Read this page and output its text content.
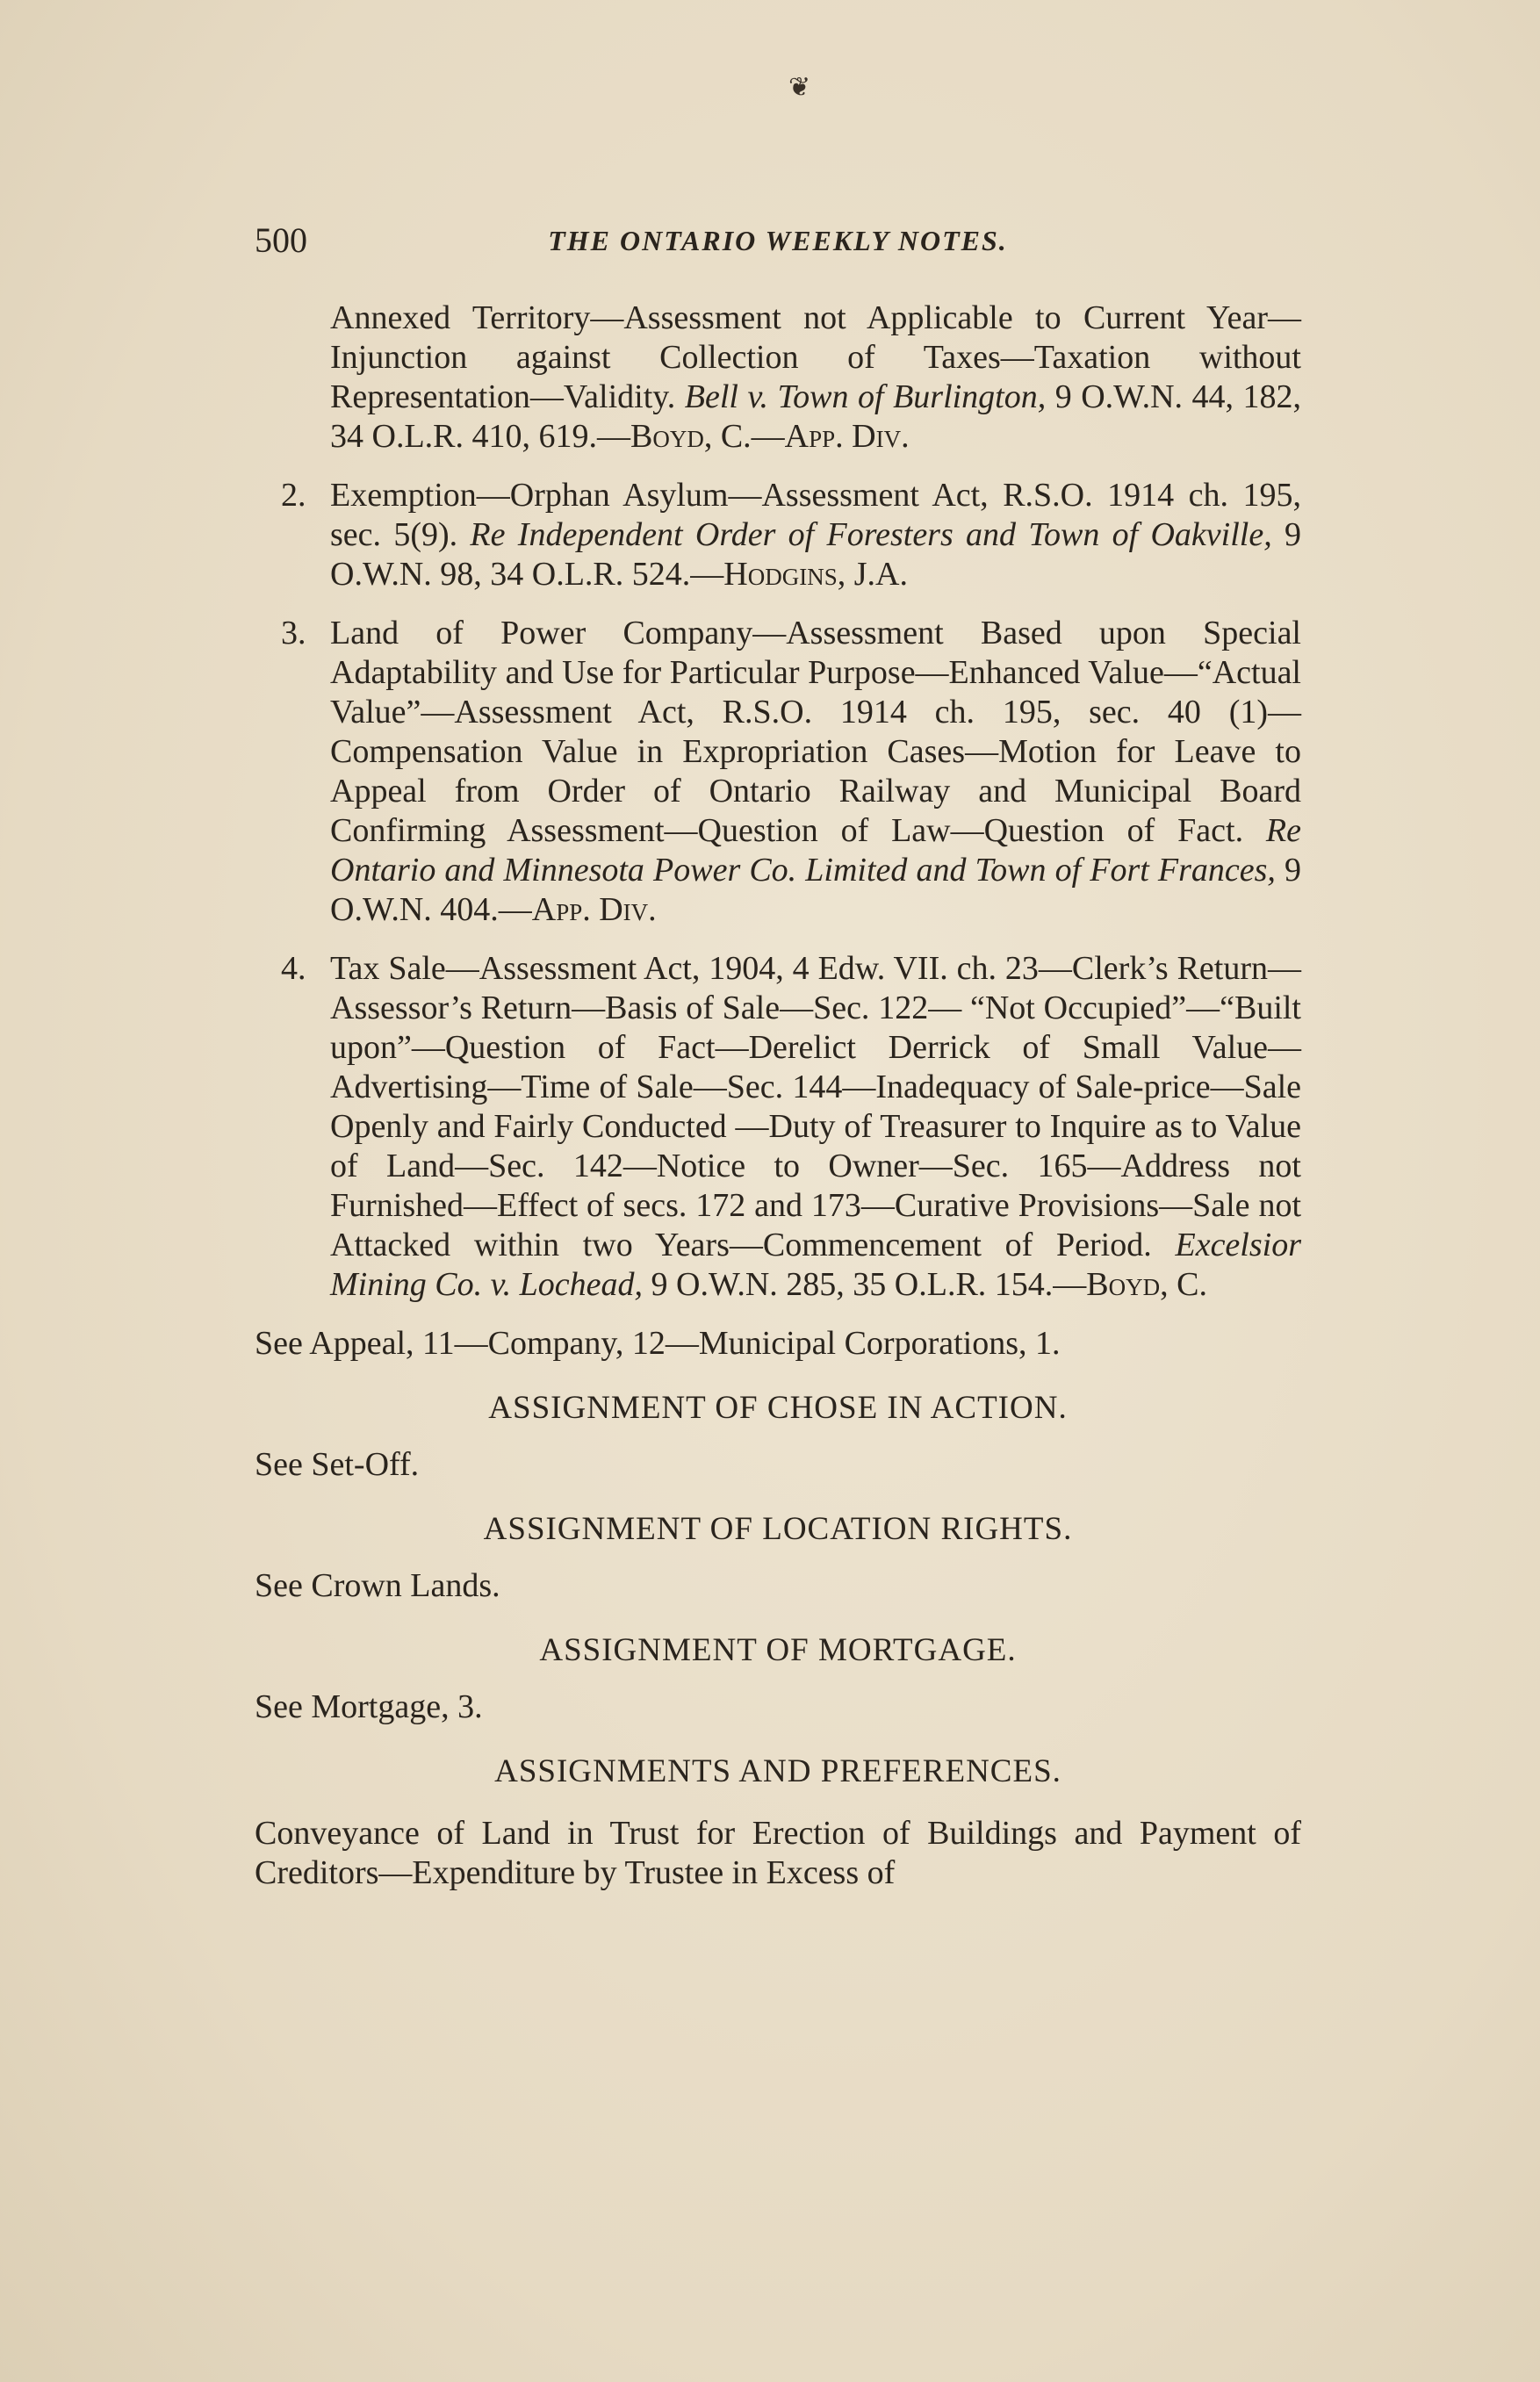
❦
500	THE ONTARIO WEEKLY NOTES.

Annexed Territory—Assessment not Applicable to Current Year—Injunction against Collection of Taxes—Taxation without Representation—Validity. Bell v. Town of Burlington, 9 O.W.N. 44, 182, 34 O.L.R. 410, 619.—Boyd, C.—App. Div.

2. Exemption—Orphan Asylum—Assessment Act, R.S.O. 1914 ch. 195, sec. 5(9). Re Independent Order of Foresters and Town of Oakville, 9 O.W.N. 98, 34 O.L.R. 524.—Hodgins, J.A.

3. Land of Power Company—Assessment Based upon Special Adaptability and Use for Particular Purpose—Enhanced Value—“Actual Value”—Assessment Act, R.S.O. 1914 ch. 195, sec. 40 (1)—Compensation Value in Expropriation Cases—Motion for Leave to Appeal from Order of Ontario Railway and Municipal Board Confirming Assessment—Question of Law—Question of Fact. Re Ontario and Minnesota Power Co. Limited and Town of Fort Frances, 9 O.W.N. 404.—App. Div.

4. Tax Sale—Assessment Act, 1904, 4 Edw. VII. ch. 23—Clerk’s Return—Assessor’s Return—Basis of Sale—Sec. 122— “Not Occupied”—“Built upon”—Question of Fact—Derelict Derrick of Small Value—Advertising—Time of Sale—Sec. 144—Inadequacy of Sale-price—Sale Openly and Fairly Conducted —Duty of Treasurer to Inquire as to Value of Land—Sec. 142—Notice to Owner—Sec. 165—Address not Furnished—Effect of secs. 172 and 173—Curative Provisions—Sale not Attacked within two Years—Commencement of Period. Excelsior Mining Co. v. Lochead, 9 O.W.N. 285, 35 O.L.R. 154.—Boyd, C.

See Appeal, 11—Company, 12—Municipal Corporations, 1.

ASSIGNMENT OF CHOSE IN ACTION.

See Set-Off.

ASSIGNMENT OF LOCATION RIGHTS.

See Crown Lands.

ASSIGNMENT OF MORTGAGE.

See Mortgage, 3.

ASSIGNMENTS AND PREFERENCES.

Conveyance of Land in Trust for Erection of Buildings and Payment of Creditors—Expenditure by Trustee in Excess of
